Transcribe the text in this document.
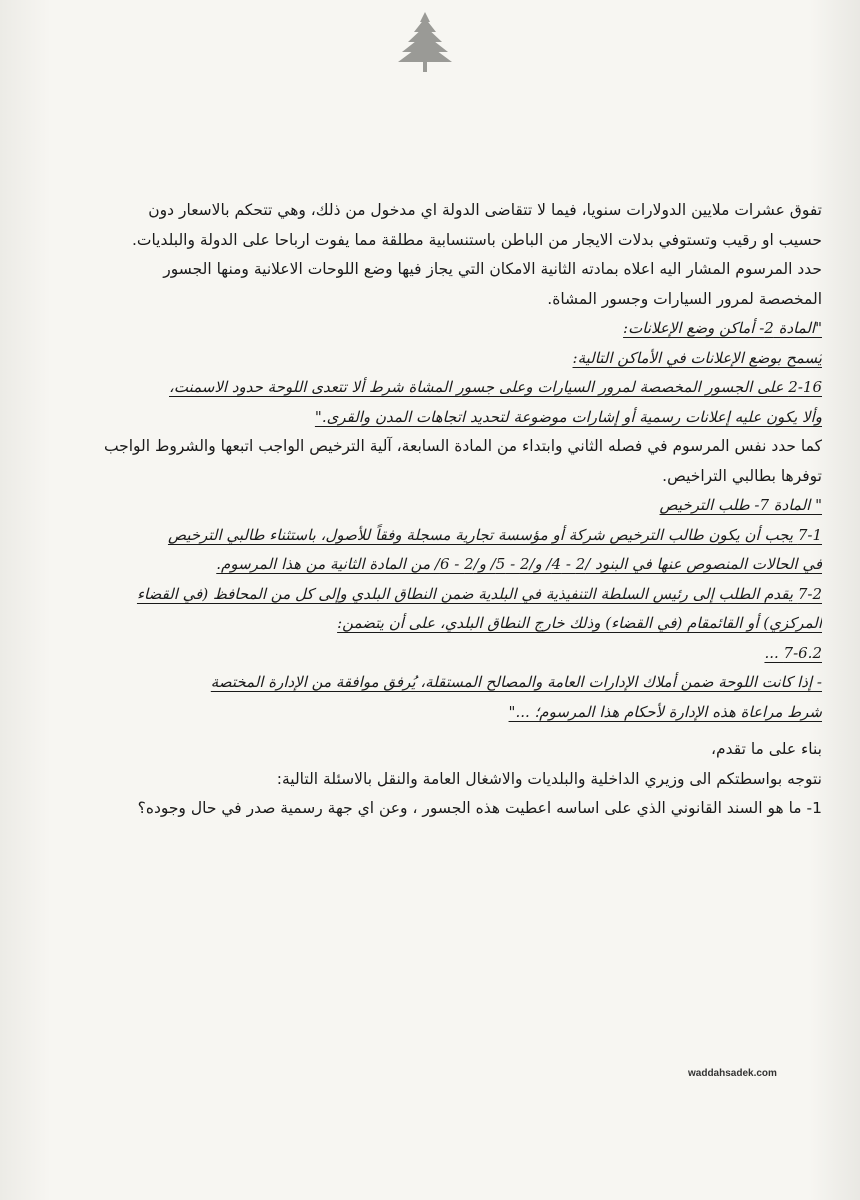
تفوق عشرات ملايين الدولارات سنويا، فيما لا تتقاضى الدولة اي مدخول من ذلك، وهي تتحكم بالاسعار دون

حسيب او رقيب وتستوفي بدلات الايجار من الباطن باستنسابية مطلقة مما يفوت ارباحا على الدولة والبلديات.

حدد المرسوم المشار اليه اعلاه بمادته الثانية الامكان التي يجاز فيها وضع اللوحات الاعلانية ومنها الجسور

المخصصة لمرور السيارات وجسور المشاة.

"المادة 2- أماكن وضع الإعلانات:

يُسمح بوضع الإعلانات في الأماكن التالية:

2-16 على الجسور المخصصة لمرور السيارات وعلى جسور المشاة شرط ألا تتعدى اللوحة حدود الاسمنت،

وألا يكون عليه إعلانات رسمية أو إشارات موضوعة لتحديد اتجاهات المدن والقرى."

كما حدد نفس المرسوم في فصله الثاني وابتداء من المادة السابعة، آلية الترخيص الواجب اتبعها والشروط الواجب

توفرها بطالبي التراخيص.

" المادة 7- طلب الترخيص

7-1 يجب أن يكون طالب الترخيص شركة أو مؤسسة تجارية مسجلة وفقاً للأصول، باستثناء طالبي الترخيص

في الحالات المنصوص عنها في البنود /2 - 4/ و/2 - 5/ و/2 - 6/ من المادة الثانية من هذا المرسوم.

7-2 يقدم الطلب إلى رئيس السلطة التنفيذية في البلدية ضمن النطاق البلدي وإلى كل من المحافظ (في القضاء

المركزي) أو القائمقام (في القضاء) وذلك خارج النطاق البلدي، على أن يتضمن:

7-6.2 ...

- إذا كانت اللوحة ضمن أملاك الإدارات العامة والمصالح المستقلة، يُرفق موافقة من الإدارة المختصة

شرط مراعاة هذه الإدارة لأحكام هذا المرسوم؛ ..."

بناء على ما تقدم،

نتوجه بواسطتكم الى وزيري الداخلية والبلديات والاشغال العامة والنقل بالاسئلة التالية:

1- ما هو السند القانوني الذي على اساسه اعطيت هذه الجسور ، وعن اي جهة رسمية صدر في حال وجوده؟

waddahsadek.com
